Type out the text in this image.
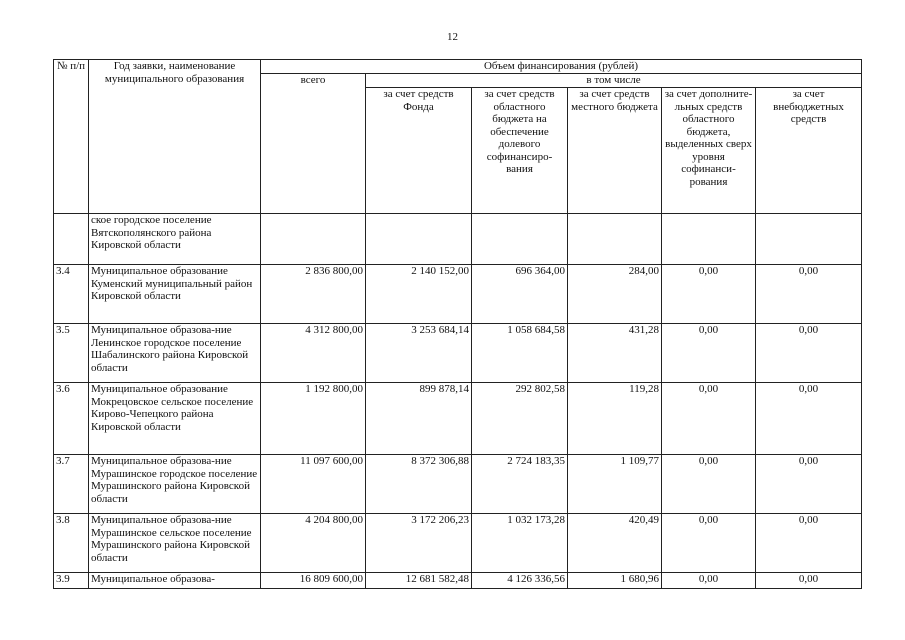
12
№ п/п	Год заявки, наименование муниципального образования	Объем финансирования (рублей)					
		всего	в том числе				
			за счет средств Фонда	за счет средств областного бюджета на обеспечение долевого софинансиро-вания	за счет средств местного бюджета	за счет дополните-льных средств областного бюджета, выделенных сверх уровня софинанси-рования	за счет внебюджетных средств
	ское городское поселение Вятскополянского района Кировской области						
3.4	Муниципальное образование Куменский муниципальный район Кировской области	2 836 800,00	2 140 152,00	696 364,00	284,00	0,00	0,00
3.5	Муниципальное образова-ние Ленинское городское поселение Шабалинского района Кировской области	4 312 800,00	3 253 684,14	1 058 684,58	431,28	0,00	0,00
3.6	Муниципальное образование Мокрецовское сельское поселение Кирово-Чепецкого района Кировской области	1 192 800,00	899 878,14	292 802,58	119,28	0,00	0,00
3.7	Муниципальное образова-ние Мурашинское городское поселение Мурашинского района Кировской области	11 097 600,00	8 372 306,88	2 724 183,35	1 109,77	0,00	0,00
3.8	Муниципальное образова-ние Мурашинское сельское поселение Мурашинского района Кировской области	4 204 800,00	3 172 206,23	1 032 173,28	420,49	0,00	0,00
3.9	Муниципальное образова-	16 809 600,00	12 681 582,48	4 126 336,56	1 680,96	0,00	0,00
